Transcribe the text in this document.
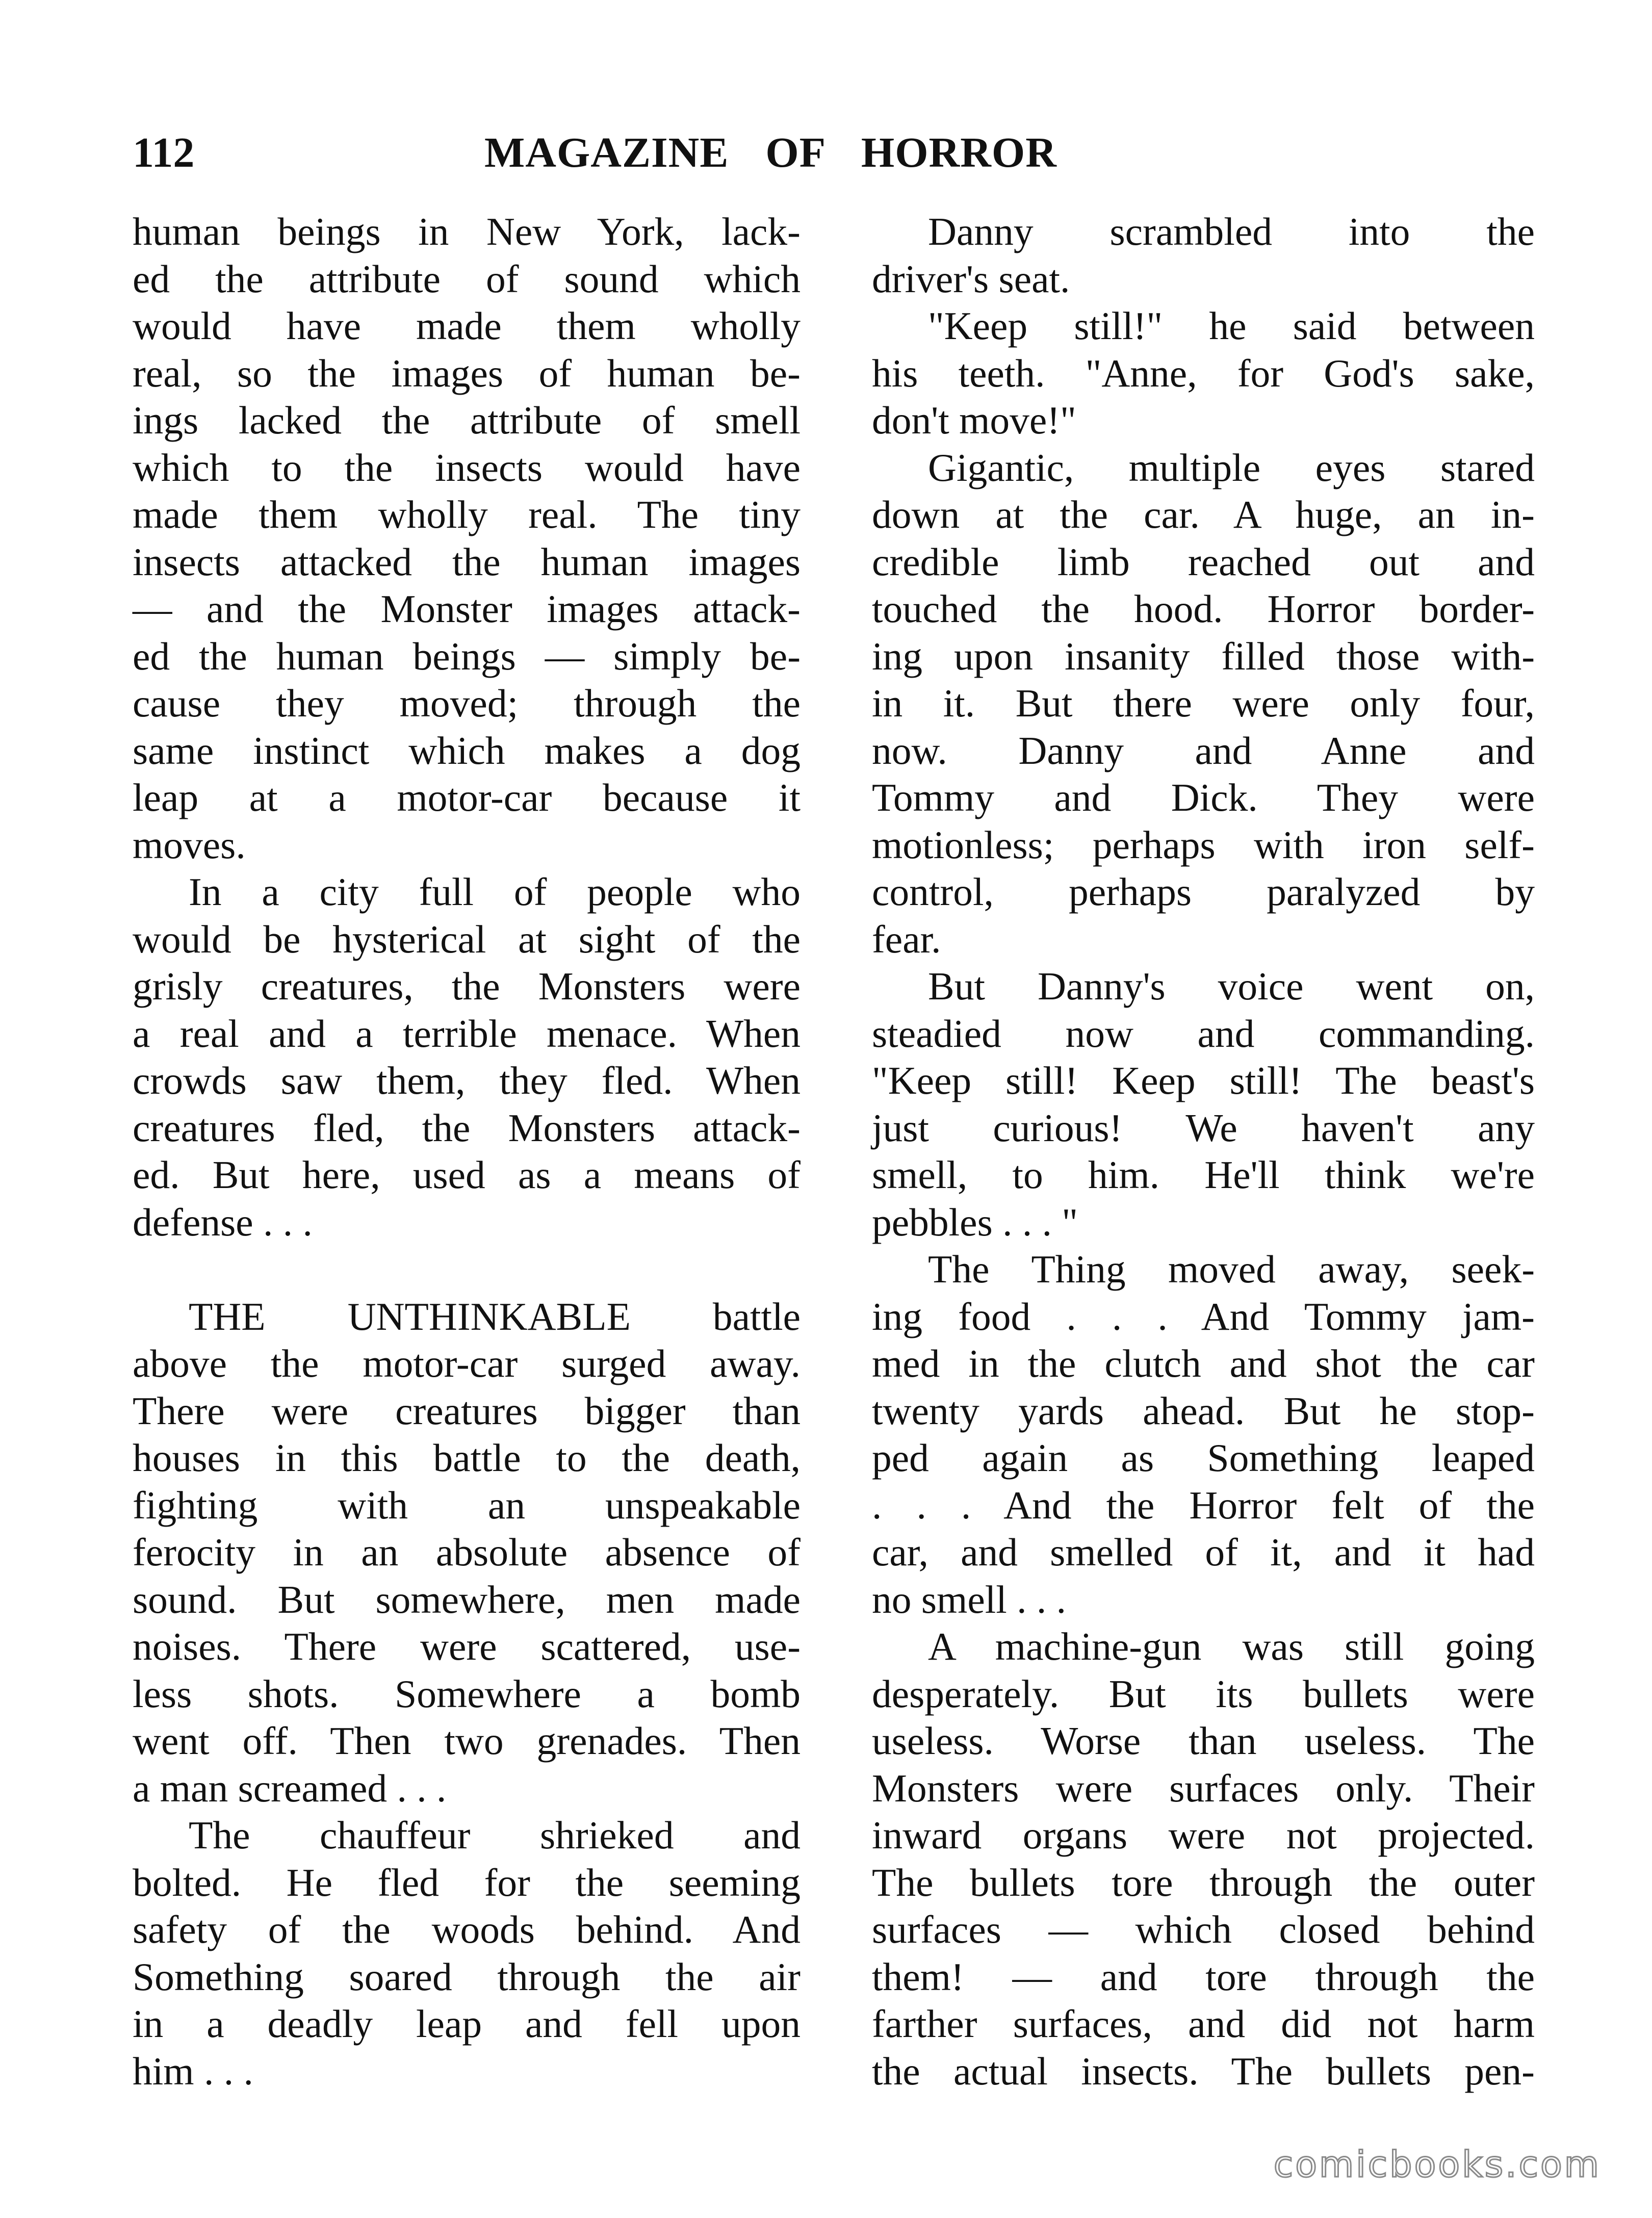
112	MAGAZINE OF HORROR
human beings in New York, lack-
ed the attribute of sound which
would have made them wholly
real, so the images of human be-
ings lacked the attribute of smell
which to the insects would have
made them wholly real. The tiny
insects attacked the human images
— and the Monster images attack-
ed the human beings — simply be-
cause they moved; through the
same instinct which makes a dog
leap at a motor-car because it
moves.
In a city full of people who
would be hysterical at sight of the
grisly creatures, the Monsters were
a real and a terrible menace. When
crowds saw them, they fled. When
creatures fled, the Monsters attack-
ed. But here, used as a means of
defense . . .
THE UNTHINKABLE battle
above the motor-car surged away.
There were creatures bigger than
houses in this battle to the death,
fighting with an unspeakable
ferocity in an absolute absence of
sound. But somewhere, men made
noises. There were scattered, use-
less shots. Somewhere a bomb
went off. Then two grenades. Then
a man screamed . . .
The chauffeur shrieked and
bolted. He fled for the seeming
safety of the woods behind. And
Something soared through the air
in a deadly leap and fell upon
him . . .
Danny scrambled into the
driver's seat.
"Keep still!" he said between
his teeth. "Anne, for God's sake,
don't move!"
Gigantic, multiple eyes stared
down at the car. A huge, an in-
credible limb reached out and
touched the hood. Horror border-
ing upon insanity filled those with-
in it. But there were only four,
now. Danny and Anne and
Tommy and Dick. They were
motionless; perhaps with iron self-
control, perhaps paralyzed by
fear.
But Danny's voice went on,
steadied now and commanding.
"Keep still! Keep still! The beast's
just curious! We haven't any
smell, to him. He'll think we're
pebbles . . . "
The Thing moved away, seek-
ing food . . . And Tommy jam-
med in the clutch and shot the car
twenty yards ahead. But he stop-
ped again as Something leaped
. . . And the Horror felt of the
car, and smelled of it, and it had
no smell . . .
A machine-gun was still going
desperately. But its bullets were
useless. Worse than useless. The
Monsters were surfaces only. Their
inward organs were not projected.
The bullets tore through the outer
surfaces — which closed behind
them! — and tore through the
farther surfaces, and did not harm
the actual insects. The bullets pen-
comicbooks.com
